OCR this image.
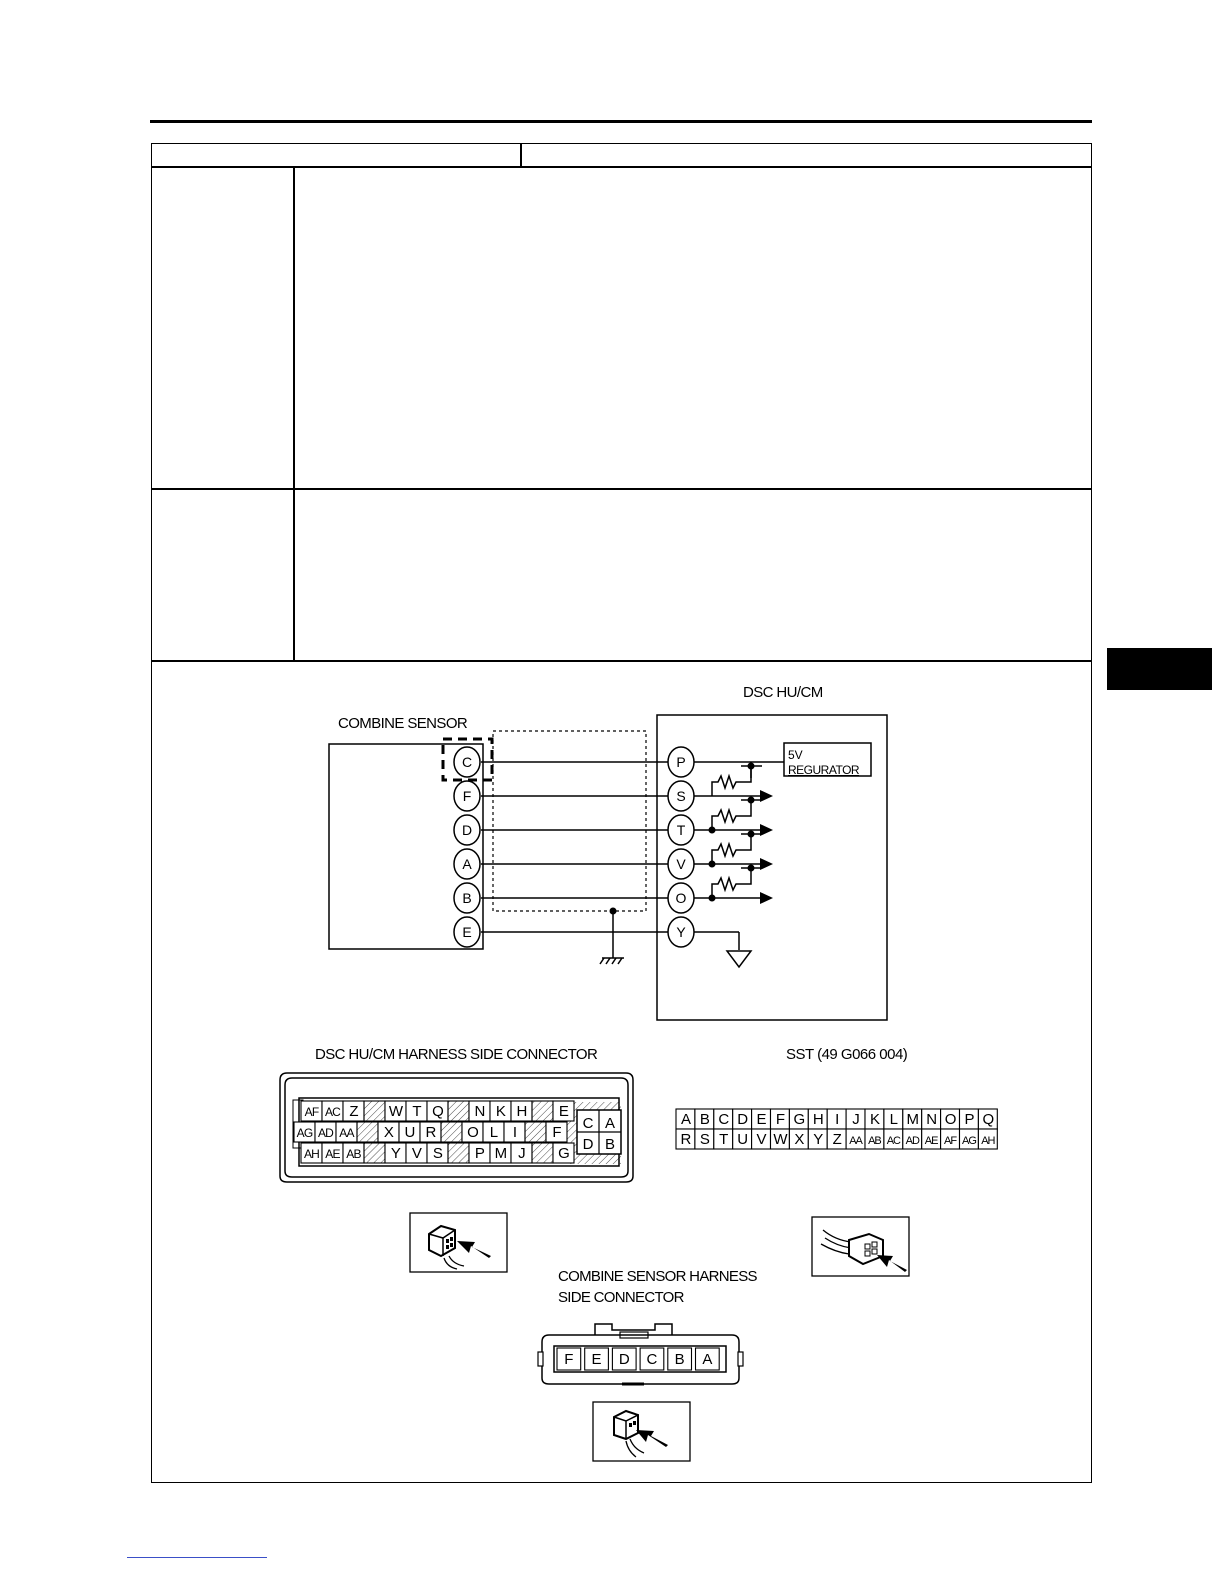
C
F
D
A
B
E
P
S
T
V
O
Y
COMBINE SENSOR
DSC HU/CM
5V
REGURATOR
DSC HU/CM HARNESS SIDE CONNECTOR
AF AC Z W T Q N K H E
AG AD AA X U R O L I F
AH AE AB Y V S P M J G
C A
D B
SST (49 G066 004)
A B C D E F G H I J K L M N O P Q
R S T U V W X Y Z AA AB AC AD AE AF AG AH
COMBINE SENSOR HARNESS
SIDE CONNECTOR
F E D C B A
